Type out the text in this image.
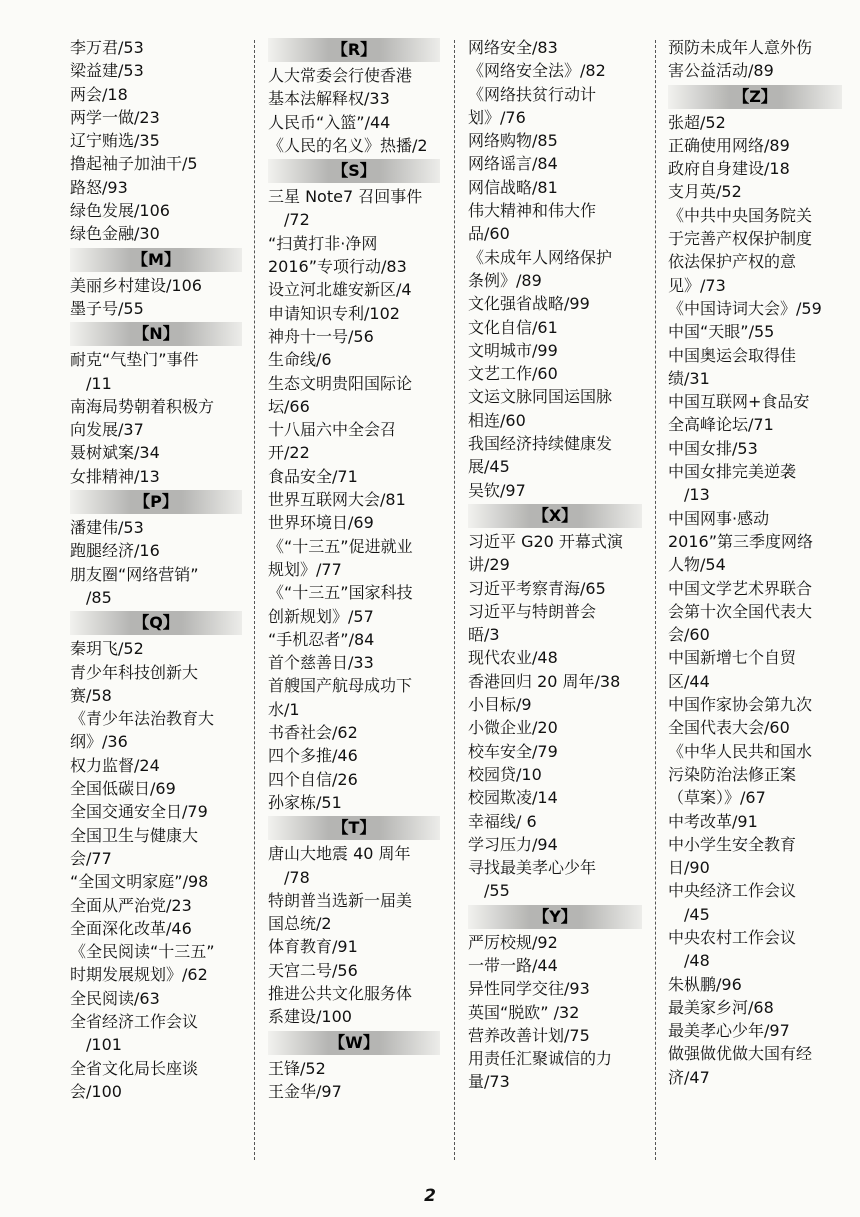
李万君/53
梁益建/53
两会/18
两学一做/23
辽宁贿选/35
撸起袖子加油干/5
路怒/93
绿色发展/106
绿色金融/30
【M】
美丽乡村建设/106
墨子号/55
【N】
耐克“气垫门”事件
/11
南海局势朝着积极方
向发展/37
聂树斌案/34
女排精神/13
【P】
潘建伟/53
跑腿经济/16
朋友圈“网络营销”
/85
【Q】
秦玥飞/52
青少年科技创新大
赛/58
《青少年法治教育大
纲》/36
权力监督/24
全国低碳日/69
全国交通安全日/79
全国卫生与健康大
会/77
“全国文明家庭”/98
全面从严治党/23
全面深化改革/46
《全民阅读“十三五”
时期发展规划》/62
全民阅读/63
全省经济工作会议
/101
全省文化局长座谈
会/100
【R】
人大常委会行使香港
基本法解释权/33
人民币“入篮”/44
《人民的名义》热播/2
【S】
三星 Note7 召回事件
/72
“扫黄打非·净网
2016”专项行动/83
设立河北雄安新区/4
申请知识专利/102
神舟十一号/56
生命线/6
生态文明贵阳国际论
坛/66
十八届六中全会召
开/22
食品安全/71
世界互联网大会/81
世界环境日/69
《“十三五”促进就业
规划》/77
《“十三五”国家科技
创新规划》/57
“手机忍者”/84
首个慈善日/33
首艘国产航母成功下
水/1
书香社会/62
四个多推/46
四个自信/26
孙家栋/51
【T】
唐山大地震 40 周年
/78
特朗普当选新一届美
国总统/2
体育教育/91
天宫二号/56
推进公共文化服务体
系建设/100
【W】
王锋/52
王金华/97
网络安全/83
《网络安全法》/82
《网络扶贫行动计
划》/76
网络购物/85
网络谣言/84
网信战略/81
伟大精神和伟大作
品/60
《未成年人网络保护
条例》/89
文化强省战略/99
文化自信/61
文明城市/99
文艺工作/60
文运文脉同国运国脉
相连/60
我国经济持续健康发
展/45
吴钦/97
【X】
习近平 G20 开幕式演
讲/29
习近平考察青海/65
习近平与特朗普会
晤/3
现代农业/48
香港回归 20 周年/38
小目标/9
小微企业/20
校车安全/79
校园贷/10
校园欺凌/14
幸福线/ 6
学习压力/94
寻找最美孝心少年
/55
【Y】
严厉校规/92
一带一路/44
异性同学交往/93
英国“脱欧” /32
营养改善计划/75
用责任汇聚诚信的力
量/73
预防未成年人意外伤
害公益活动/89
【Z】
张超/52
正确使用网络/89
政府自身建设/18
支月英/52
《中共中央国务院关
于完善产权保护制度
依法保护产权的意
见》/73
《中国诗词大会》/59
中国“天眼”/55
中国奥运会取得佳
绩/31
中国互联网+食品安
全高峰论坛/71
中国女排/53
中国女排完美逆袭
/13
中国网事·感动
2016”第三季度网络
人物/54
中国文学艺术界联合
会第十次全国代表大
会/60
中国新增七个自贸
区/44
中国作家协会第九次
全国代表大会/60
《中华人民共和国水
污染防治法修正案
（草案）》/67
中考改革/91
中小学生安全教育
日/90
中央经济工作会议
/45
中央农村工作会议
/48
朱枞鹏/96
最美家乡河/68
最美孝心少年/97
做强做优做大国有经
济/47
2
